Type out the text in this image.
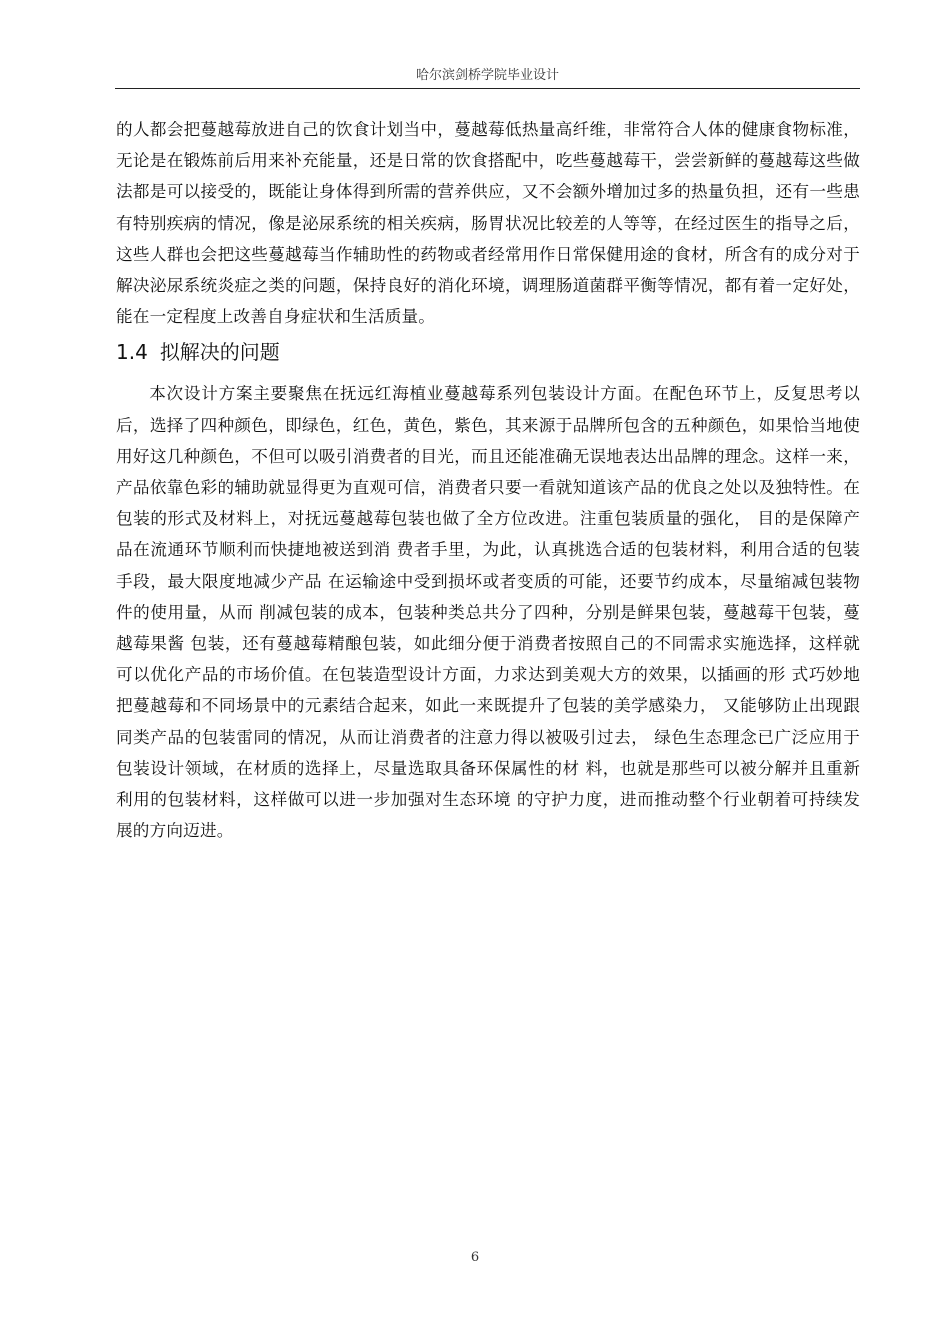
哈尔滨剑桥学院毕业设计

的人都会把蔓越莓放进自己的饮食计划当中，蔓越莓低热量高纤维，非常符合人体的健康食物标准，无论是在锻炼前后用来补充能量，还是日常的饮食搭配中，吃些蔓越莓干，尝尝新鲜的蔓越莓这些做法都是可以接受的，既能让身体得到所需的营养供应，又不会额外增加过多的热量负担，还有一些患有特别疾病的情况，像是泌尿系统的相关疾病，肠胃状况比较差的人等等，在经过医生的指导之后，这些人群也会把这些蔓越莓当作辅助性的药物或者经常用作日常保健用途的食材，所含有的成分对于解决泌尿系统炎症之类的问题，保持良好的消化环境，调理肠道菌群平衡等情况，都有着一定好处，能在一定程度上改善自身症状和生活质量。

1.4 拟解决的问题

本次设计方案主要聚焦在抚远红海植业蔓越莓系列包装设计方面。在配色环节上，反复思考以后，选择了四种颜色，即绿色，红色，黄色，紫色，其来源于品牌所包含的五种颜色，如果恰当地使用好这几种颜色，不但可以吸引消费者的目光，而且还能准确无误地表达出品牌的理念。这样一来，产品依靠色彩的辅助就显得更为直观可信，消费者只要一看就知道该产品的优良之处以及独特性。在包装的形式及材料上，对抚远蔓越莓包装也做了全方位改进。注重包装质量的强化， 目的是保障产品在流通环节顺利而快捷地被送到消 费者手里，为此，认真挑选合适的包装材料，利用合适的包装手段，最大限度地减少产品 在运输途中受到损坏或者变质的可能，还要节约成本，尽量缩减包装物件的使用量，从而 削减包装的成本，包装种类总共分了四种，分别是鲜果包装，蔓越莓干包装，蔓越莓果酱 包装，还有蔓越莓精酿包装，如此细分便于消费者按照自己的不同需求实施选择，这样就 可以优化产品的市场价值。在包装造型设计方面，力求达到美观大方的效果，以插画的形 式巧妙地把蔓越莓和不同场景中的元素结合起来，如此一来既提升了包装的美学感染力， 又能够防止出现跟同类产品的包装雷同的情况，从而让消费者的注意力得以被吸引过去， 绿色生态理念已广泛应用于包装设计领域，在材质的选择上，尽量选取具备环保属性的材 料，也就是那些可以被分解并且重新利用的包装材料，这样做可以进一步加强对生态环境 的守护力度，进而推动整个行业朝着可持续发展的方向迈进。

6
